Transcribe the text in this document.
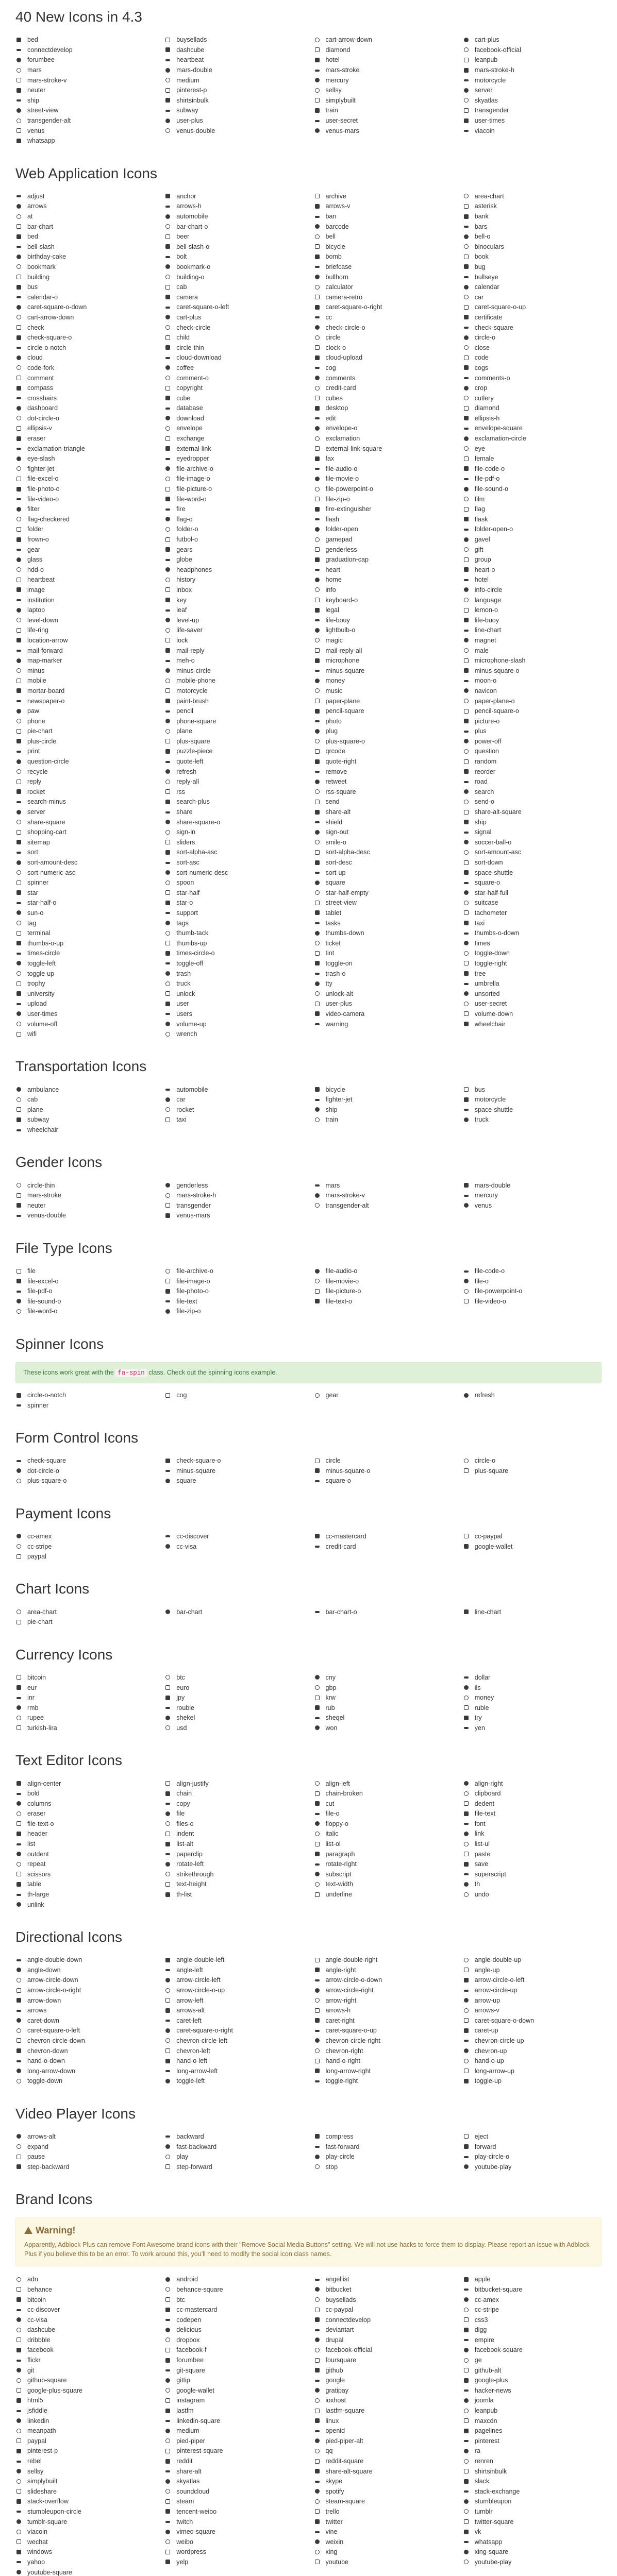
40 New Icons in 4.3
bed	buysellads	cart-arrow-down	cart-plus
connectdevelop	dashcube	diamond	facebook-official
forumbee	heartbeat	hotel	leanpub
mars	mars-double	mars-stroke	mars-stroke-h
mars-stroke-v	medium	mercury	motorcycle
neuter	pinterest-p	sellsy	server
ship	shirtsinbulk	simplybuilt	skyatlas
street-view	subway	train	transgender
transgender-alt	user-plus	user-secret	user-times
venus	venus-double	venus-mars	viacoin
whatsapp
Web Application Icons
adjust	anchor	archive	area-chart
arrows	arrows-h	arrows-v	asterisk
at	automobile	ban	bank
bar-chart	bar-chart-o	barcode	bars
bed	beer	bell	bell-o
bell-slash	bell-slash-o	bicycle	binoculars
birthday-cake	bolt	bomb	book
bookmark	bookmark-o	briefcase	bug
building	building-o	bullhorn	bullseye
bus	cab	calculator	calendar
calendar-o	camera	camera-retro	car
caret-square-o-down	caret-square-o-left	caret-square-o-right	caret-square-o-up
cart-arrow-down	cart-plus	cc	certificate
check	check-circle	check-circle-o	check-square
check-square-o	child	circle	circle-o
circle-o-notch	circle-thin	clock-o	close
cloud	cloud-download	cloud-upload	code
code-fork	coffee	cog	cogs
comment	comment-o	comments	comments-o
compass	copyright	credit-card	crop
crosshairs	cube	cubes	cutlery
dashboard	database	desktop	diamond
dot-circle-o	download	edit	ellipsis-h
ellipsis-v	envelope	envelope-o	envelope-square
eraser	exchange	exclamation	exclamation-circle
exclamation-triangle	external-link	external-link-square	eye
eye-slash	eyedropper	fax	female
fighter-jet	file-archive-o	file-audio-o	file-code-o
file-excel-o	file-image-o	file-movie-o	file-pdf-o
file-photo-o	file-picture-o	file-powerpoint-o	file-sound-o
file-video-o	file-word-o	file-zip-o	film
filter	fire	fire-extinguisher	flag
flag-checkered	flag-o	flash	flask
folder	folder-o	folder-open	folder-open-o
frown-o	futbol-o	gamepad	gavel
gear	gears	genderless	gift
glass	globe	graduation-cap	group
hdd-o	headphones	heart	heart-o
heartbeat	history	home	hotel
image	inbox	info	info-circle
institution	key	keyboard-o	language
laptop	leaf	legal	lemon-o
level-down	level-up	life-bouy	life-buoy
life-ring	life-saver	lightbulb-o	line-chart
location-arrow	lock	magic	magnet
mail-forward	mail-reply	mail-reply-all	male
map-marker	meh-o	microphone	microphone-slash
minus	minus-circle	minus-square	minus-square-o
mobile	mobile-phone	money	moon-o
mortar-board	motorcycle	music	navicon
newspaper-o	paint-brush	paper-plane	paper-plane-o
paw	pencil	pencil-square	pencil-square-o
phone	phone-square	photo	picture-o
pie-chart	plane	plug	plus
plus-circle	plus-square	plus-square-o	power-off
print	puzzle-piece	qrcode	question
question-circle	quote-left	quote-right	random
recycle	refresh	remove	reorder
reply	reply-all	retweet	road
rocket	rss	rss-square	search
search-minus	search-plus	send	send-o
server	share	share-alt	share-alt-square
share-square	share-square-o	shield	ship
shopping-cart	sign-in	sign-out	signal
sitemap	sliders	smile-o	soccer-ball-o
sort	sort-alpha-asc	sort-alpha-desc	sort-amount-asc
sort-amount-desc	sort-asc	sort-desc	sort-down
sort-numeric-asc	sort-numeric-desc	sort-up	space-shuttle
spinner	spoon	square	square-o
star	star-half	star-half-empty	star-half-full
star-half-o	star-o	street-view	suitcase
sun-o	support	tablet	tachometer
tag	tags	tasks	taxi
terminal	thumb-tack	thumbs-down	thumbs-o-down
thumbs-o-up	thumbs-up	ticket	times
times-circle	times-circle-o	tint	toggle-down
toggle-left	toggle-off	toggle-on	toggle-right
toggle-up	trash	trash-o	tree
trophy	truck	tty	umbrella
university	unlock	unlock-alt	unsorted
upload	user	user-plus	user-secret
user-times	users	video-camera	volume-down
volume-off	volume-up	warning	wheelchair
wifi	wrench
Transportation Icons
ambulance	automobile	bicycle	bus
cab	car	fighter-jet	motorcycle
plane	rocket	ship	space-shuttle
subway	taxi	train	truck
wheelchair
Gender Icons
circle-thin	genderless	mars	mars-double
mars-stroke	mars-stroke-h	mars-stroke-v	mercury
neuter	transgender	transgender-alt	venus
venus-double	venus-mars
File Type Icons
file	file-archive-o	file-audio-o	file-code-o
file-excel-o	file-image-o	file-movie-o	file-o
file-pdf-o	file-photo-o	file-picture-o	file-powerpoint-o
file-sound-o	file-text	file-text-o	file-video-o
file-word-o	file-zip-o
Spinner Icons
These icons work great with the fa-spin class. Check out the spinning icons example.
circle-o-notch	cog	gear	refresh
spinner
Form Control Icons
check-square	check-square-o	circle	circle-o
dot-circle-o	minus-square	minus-square-o	plus-square
plus-square-o	square	square-o
Payment Icons
cc-amex	cc-discover	cc-mastercard	cc-paypal
cc-stripe	cc-visa	credit-card	google-wallet
paypal
Chart Icons
area-chart	bar-chart	bar-chart-o	line-chart
pie-chart
Currency Icons
bitcoin	btc	cny	dollar
eur	euro	gbp	ils
inr	jpy	krw	money
rmb	rouble	rub	ruble
rupee	shekel	sheqel	try
turkish-lira	usd	won	yen
Text Editor Icons
align-center	align-justify	align-left	align-right
bold	chain	chain-broken	clipboard
columns	copy	cut	dedent
eraser	file	file-o	file-text
file-text-o	files-o	floppy-o	font
header	indent	italic	link
list	list-alt	list-ol	list-ul
outdent	paperclip	paragraph	paste
repeat	rotate-left	rotate-right	save
scissors	strikethrough	subscript	superscript
table	text-height	text-width	th
th-large	th-list	underline	undo
unlink
Directional Icons
angle-double-down	angle-double-left	angle-double-right	angle-double-up
angle-down	angle-left	angle-right	angle-up
arrow-circle-down	arrow-circle-left	arrow-circle-o-down	arrow-circle-o-left
arrow-circle-o-right	arrow-circle-o-up	arrow-circle-right	arrow-circle-up
arrow-down	arrow-left	arrow-right	arrow-up
arrows	arrows-alt	arrows-h	arrows-v
caret-down	caret-left	caret-right	caret-square-o-down
caret-square-o-left	caret-square-o-right	caret-square-o-up	caret-up
chevron-circle-down	chevron-circle-left	chevron-circle-right	chevron-circle-up
chevron-down	chevron-left	chevron-right	chevron-up
hand-o-down	hand-o-left	hand-o-right	hand-o-up
long-arrow-down	long-arrow-left	long-arrow-right	long-arrow-up
toggle-down	toggle-left	toggle-right	toggle-up
Video Player Icons
arrows-alt	backward	compress	eject
expand	fast-backward	fast-forward	forward
pause	play	play-circle	play-circle-o
step-backward	step-forward	stop	youtube-play
Brand Icons
Warning!

Apparently, Adblock Plus can remove Font Awesome brand icons with their "Remove Social Media Buttons" setting. We will not use hacks to force them to display. Please report an issue with Adblock Plus if you believe this to be an error. To work around this, you'll need to modify the social icon class names.

adn	android	angellist	apple
behance	behance-square	bitbucket	bitbucket-square
bitcoin	btc	buysellads	cc-amex
cc-discover	cc-mastercard	cc-paypal	cc-stripe
cc-visa	codepen	connectdevelop	css3
dashcube	delicious	deviantart	digg
dribbble	dropbox	drupal	empire
facebook	facebook-f	facebook-official	facebook-square
flickr	forumbee	foursquare	ge
git	git-square	github	github-alt
github-square	gittip	google	google-plus
google-plus-square	google-wallet	gratipay	hacker-news
html5	instagram	ioxhost	joomla
jsfiddle	lastfm	lastfm-square	leanpub
linkedin	linkedin-square	linux	maxcdn
meanpath	medium	openid	pagelines
paypal	pied-piper	pied-piper-alt	pinterest
pinterest-p	pinterest-square	qq	ra
rebel	reddit	reddit-square	renren
sellsy	share-alt	share-alt-square	shirtsinbulk
simplybuilt	skyatlas	skype	slack
slideshare	soundcloud	spotify	stack-exchange
stack-overflow	steam	steam-square	stumbleupon
stumbleupon-circle	tencent-weibo	trello	tumblr
tumblr-square	twitch	twitter	twitter-square
viacoin	vimeo-square	vine	vk
wechat	weibo	weixin	whatsapp
windows	wordpress	xing	xing-square
yahoo	yelp	youtube	youtube-play
youtube-square
